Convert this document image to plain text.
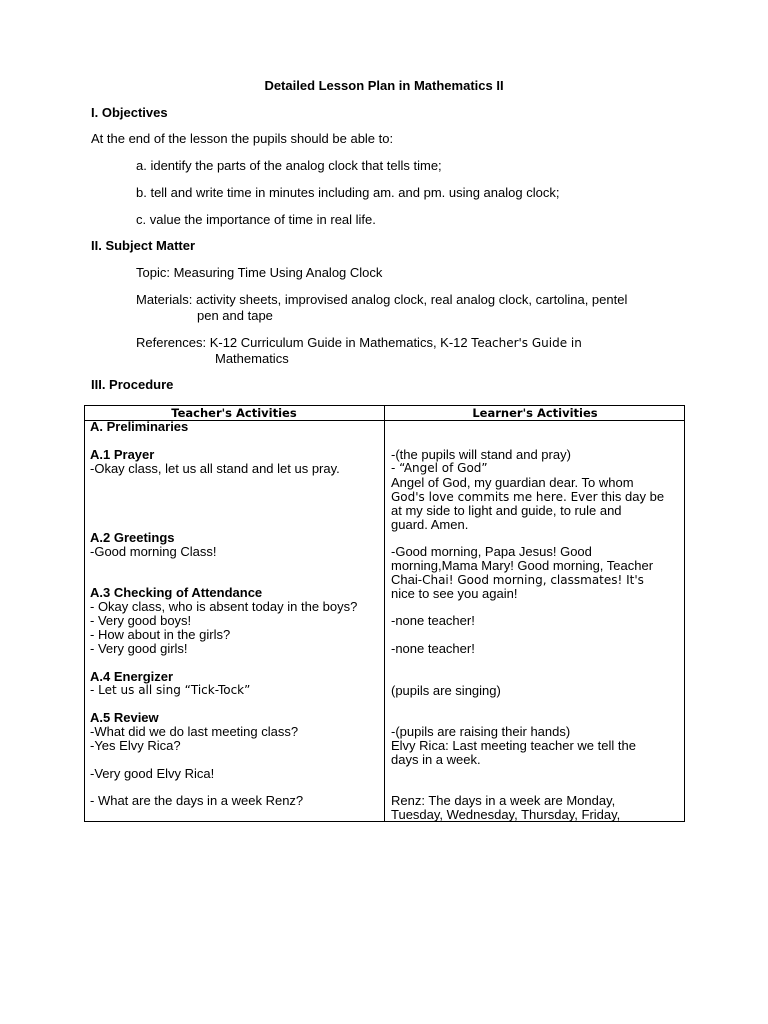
Detailed Lesson Plan in Mathematics II
I. Objectives
At the end of the lesson the pupils should be able to:
a. identify the parts of the analog clock that tells time;
b. tell and write time in minutes including am. and pm. using analog clock;
c. value the importance of time in real life.
II. Subject Matter
Topic: Measuring Time Using Analog Clock
Materials: activity sheets, improvised analog clock, real analog clock, cartolina, pentel
pen and tape
References: K-12 Curriculum Guide in Mathematics, K-12 Teacher's Guide in
Mathematics
III. Procedure
Teacher's Activities	Learner's Activities
A. Preliminaries
A.1 Prayer
-Okay class, let us all stand and let us pray.
A.2 Greetings
-Good morning Class!
A.3 Checking of Attendance
- Okay class, who is absent today in the boys?
- Very good boys!
- How about in the girls?
- Very good girls!
A.4 Energizer
- Let us all sing “Tick-Tock”
A.5 Review
-What did we do last meeting class?
-Yes Elvy Rica?
-Very good Elvy Rica!
- What are the days in a week Renz?
-(the pupils will stand and pray)
- “Angel of God”
Angel of God, my guardian dear. To whom
God's love commits me here. Ever this day be
at my side to light and guide, to rule and
guard. Amen.
-Good morning, Papa Jesus! Good
morning,Mama Mary! Good morning, Teacher
Chai-Chai! Good morning, classmates! It's
nice to see you again!
-none teacher!
-none teacher!
(pupils are singing)
-(pupils are raising their hands)
Elvy Rica: Last meeting teacher we tell the
days in a week.
Renz: The days in a week are Monday,
Tuesday, Wednesday, Thursday, Friday,
